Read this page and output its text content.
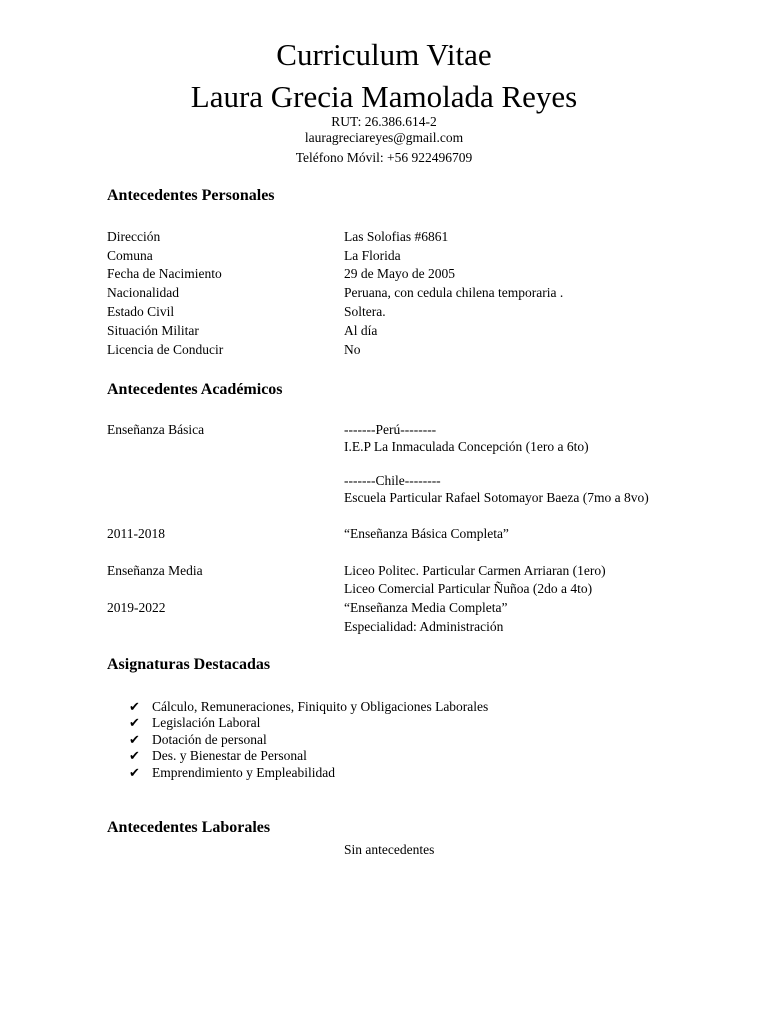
Curriculum Vitae
Laura Grecia Mamolada Reyes
RUT: 26.386.614-2
lauragreciareyes@gmail.com
Teléfono Móvil: +56 922496709
Antecedentes Personales
Dirección	Las Solofias #6861
Comuna	La Florida
Fecha de Nacimiento	29 de Mayo de 2005
Nacionalidad	Peruana, con cedula chilena temporaria .
Estado Civil	Soltera.
Situación Militar	Al día
Licencia de Conducir	No
Antecedentes Académicos
Enseñanza Básica	-------Perú--------
I.E.P La Inmaculada Concepción (1ero a 6to)
-------Chile--------
Escuela Particular Rafael Sotomayor Baeza (7mo a 8vo)
2011-2018	“Enseñanza Básica Completa”
Enseñanza Media	Liceo Politec. Particular Carmen Arriaran (1ero)
Liceo Comercial Particular Ñuñoa (2do a 4to)
2019-2022	“Enseñanza Media Completa”
Especialidad: Administración
Asignaturas Destacadas
✔ Cálculo, Remuneraciones, Finiquito y Obligaciones Laborales
✔ Legislación Laboral
✔ Dotación de personal
✔ Des. y Bienestar de Personal
✔ Emprendimiento y Empleabilidad
Antecedentes Laborales
Sin antecedentes
